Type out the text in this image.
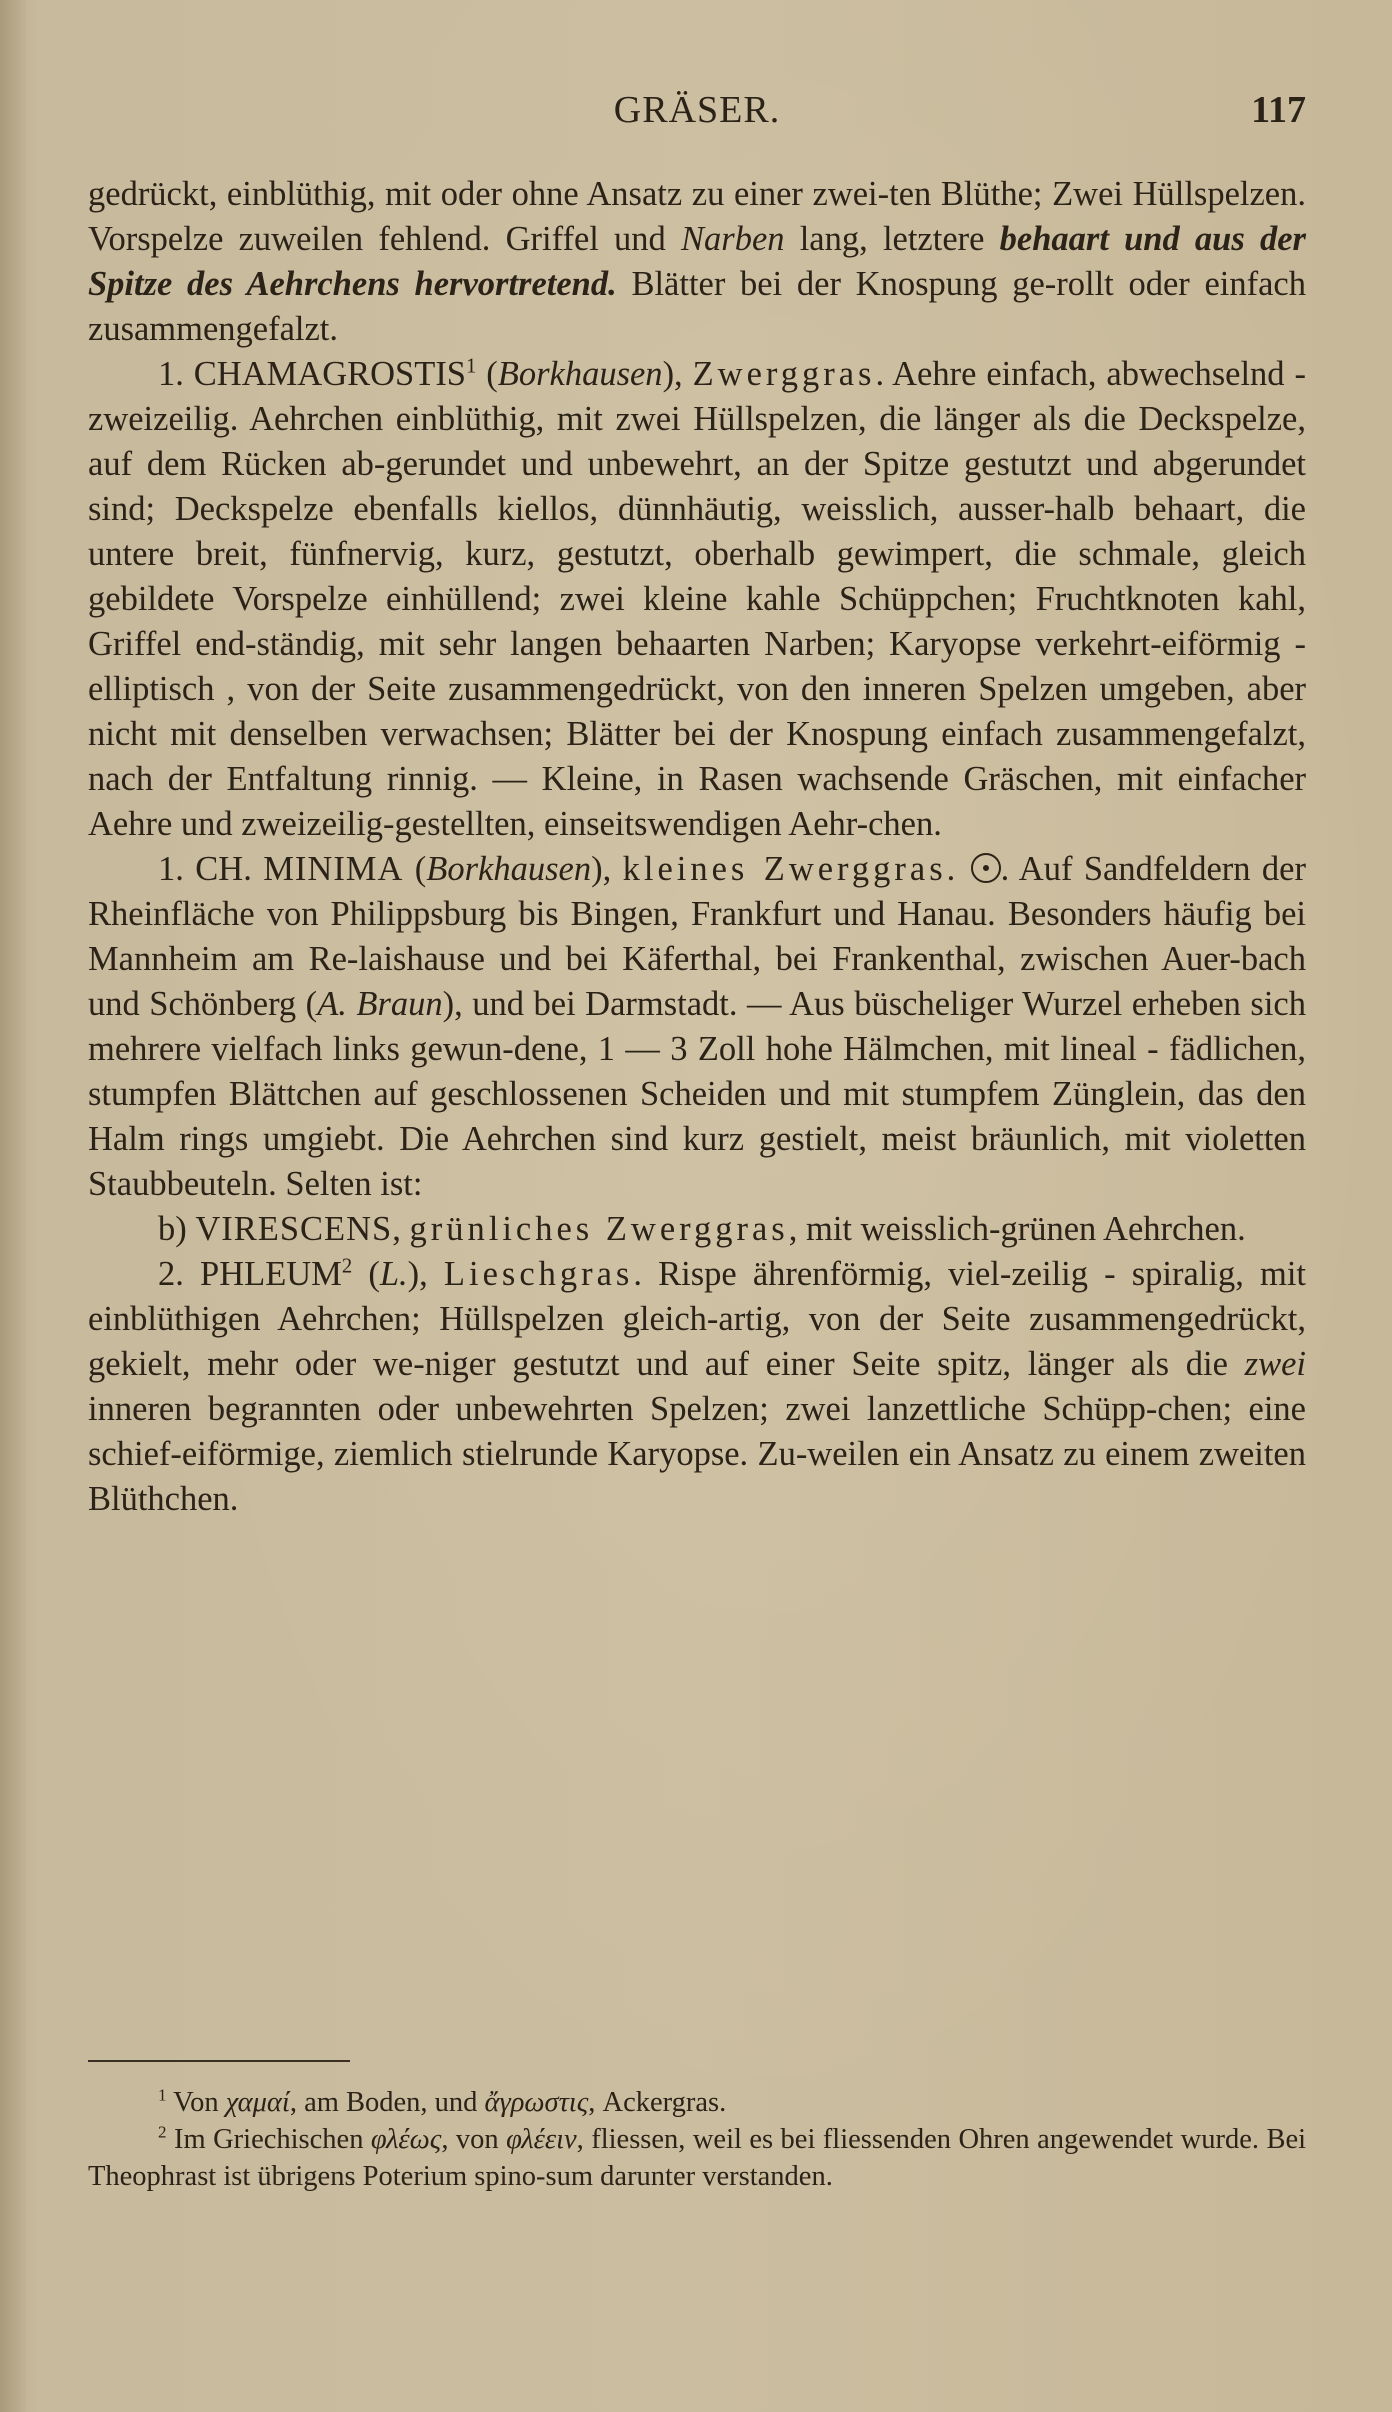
GRÄSER.	117

gedrückt, einblüthig, mit oder ohne Ansatz zu einer zwei-ten Blüthe; Zwei Hüllspelzen. Vorspelze zuweilen fehlend. Griffel und Narben lang, letztere behaart und aus der Spitze des Aehrchens hervortretend. Blätter bei der Knospung ge-rollt oder einfach zusammengefalzt.

1. CHAMAGROSTIS$^1$ (Borkhausen), Zwerggras. Aehre einfach, abwechselnd - zweizeilig. Aehrchen einblüthig, mit zwei Hüllspelzen, die länger als die Deckspelze, auf dem Rücken ab-gerundet und unbewehrt, an der Spitze gestutzt und abgerundet sind; Deckspelze ebenfalls kiellos, dünnhäutig, weisslich, ausser-halb behaart, die untere breit, fünfnervig, kurz, gestutzt, oberhalb gewimpert, die schmale, gleich gebildete Vorspelze einhüllend; zwei kleine kahle Schüppchen; Fruchtknoten kahl, Griffel end-ständig, mit sehr langen behaarten Narben; Karyopse verkehrt-eiförmig - elliptisch , von der Seite zusammengedrückt, von den inneren Spelzen umgeben, aber nicht mit denselben verwachsen; Blätter bei der Knospung einfach zusammengefalzt, nach der Entfaltung rinnig. — Kleine, in Rasen wachsende Gräschen, mit einfacher Aehre und zweizeilig-gestellten, einseitswendigen Aehr-chen.

1. CH. MINIMA (Borkhausen), kleines Zwerggras. . Auf Sandfeldern der Rheinfläche von Philippsburg bis Bingen, Frankfurt und Hanau. Besonders häufig bei Mannheim am Re-laishause und bei Käferthal, bei Frankenthal, zwischen Auer-bach und Schönberg (A. Braun), und bei Darmstadt. — Aus büscheliger Wurzel erheben sich mehrere vielfach links gewun-dene, 1 — 3 Zoll hohe Hälmchen, mit lineal - fädlichen, stumpfen Blättchen auf geschlossenen Scheiden und mit stumpfem Zünglein, das den Halm rings umgiebt. Die Aehrchen sind kurz gestielt, meist bräunlich, mit violetten Staubbeuteln. Selten ist:

b) VIRESCENS, grünliches Zwerggras, mit weisslich-grünen Aehrchen.

2. PHLEUM$^2$ (L.), Lieschgras. Rispe ährenförmig, viel-zeilig - spiralig, mit einblüthigen Aehrchen; Hüllspelzen gleich-artig, von der Seite zusammengedrückt, gekielt, mehr oder we-niger gestutzt und auf einer Seite spitz, länger als die zwei inneren begrannten oder unbewehrten Spelzen; zwei lanzettliche Schüpp-chen; eine schief-eiförmige, ziemlich stielrunde Karyopse. Zu-weilen ein Ansatz zu einem zweiten Blüthchen.

$^1$ Von χαμαί, am Boden, und ἄγρωστις, Ackergras.

$^2$ Im Griechischen φλέως, von φλέειν, fliessen, weil es bei fliessenden Ohren angewendet wurde. Bei Theophrast ist übrigens Poterium spino-sum darunter verstanden.
